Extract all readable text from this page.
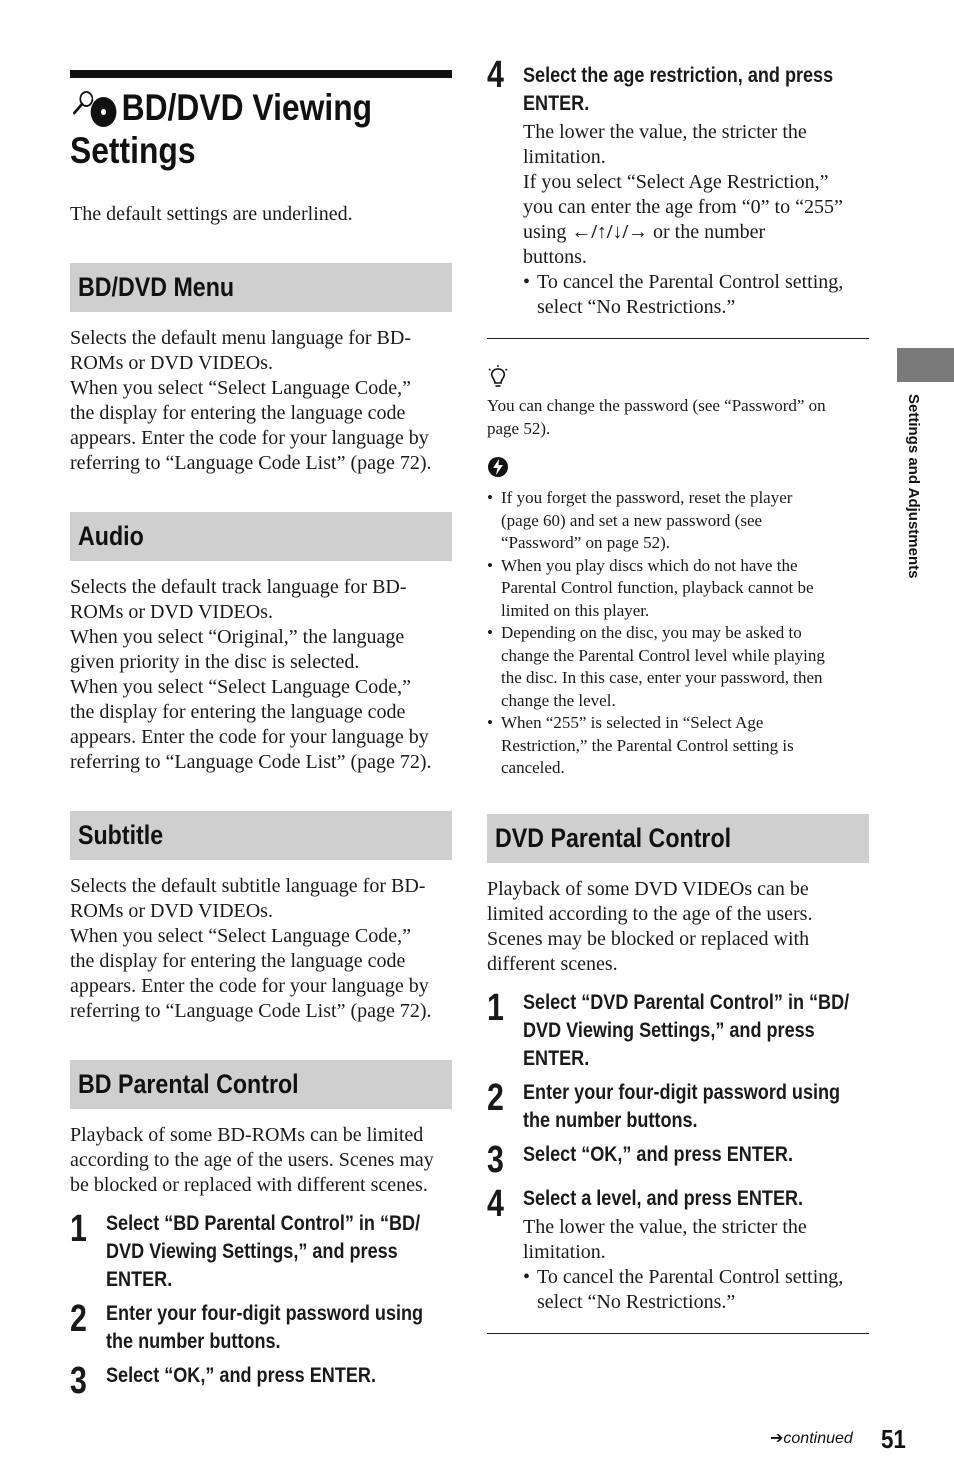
BD/DVD Viewing
Settings

The default settings are underlined.

BD/DVD Menu

Selects the default menu language for BD-

ROMs or DVD VIDEOs.

When you select “Select Language Code,”

the display for entering the language code

appears. Enter the code for your language by

referring to “Language Code List” (page 72).

Audio

Selects the default track language for BD-

ROMs or DVD VIDEOs.

When you select “Original,” the language

given priority in the disc is selected.

When you select “Select Language Code,”

the display for entering the language code

appears. Enter the code for your language by

referring to “Language Code List” (page 72).

Subtitle

Selects the default subtitle language for BD-

ROMs or DVD VIDEOs.

When you select “Select Language Code,”

the display for entering the language code

appears. Enter the code for your language by

referring to “Language Code List” (page 72).

BD Parental Control

Playback of some BD-ROMs can be limited

according to the age of the users. Scenes may

be blocked or replaced with different scenes.

1 Select “BD Parental Control” in “BD/
DVD Viewing Settings,” and press
ENTER.
2 Enter your four-digit password using
the number buttons.
3 Select “OK,” and press ENTER.
4 Select the age restriction, and press
ENTER.
The lower the value, the stricter the
limitation.
If you select “Select Age Restriction,”
you can enter the age from “0” to “255”
using ←/↑/↓/→ or the number
buttons.
• To cancel the Parental Control setting,
select “No Restrictions.”
You can change the password (see “Password” on
page 52).
• If you forget the password, reset the player
(page 60) and set a new password (see
“Password” on page 52).
• When you play discs which do not have the
Parental Control function, playback cannot be
limited on this player.
• Depending on the disc, you may be asked to
change the Parental Control level while playing
the disc. In this case, enter your password, then
change the level.
• When “255” is selected in “Select Age
Restriction,” the Parental Control setting is
canceled.
DVD Parental Control

Playback of some DVD VIDEOs can be

limited according to the age of the users.

Scenes may be blocked or replaced with

different scenes.

1 Select “DVD Parental Control” in “BD/
DVD Viewing Settings,” and press
ENTER.
2 Enter your four-digit password using
the number buttons.
3 Select “OK,” and press ENTER.
4 Select a level, and press ENTER.
The lower the value, the stricter the
limitation.
• To cancel the Parental Control setting,
select “No Restrictions.”
Settings and Adjustments
➔continued 51
